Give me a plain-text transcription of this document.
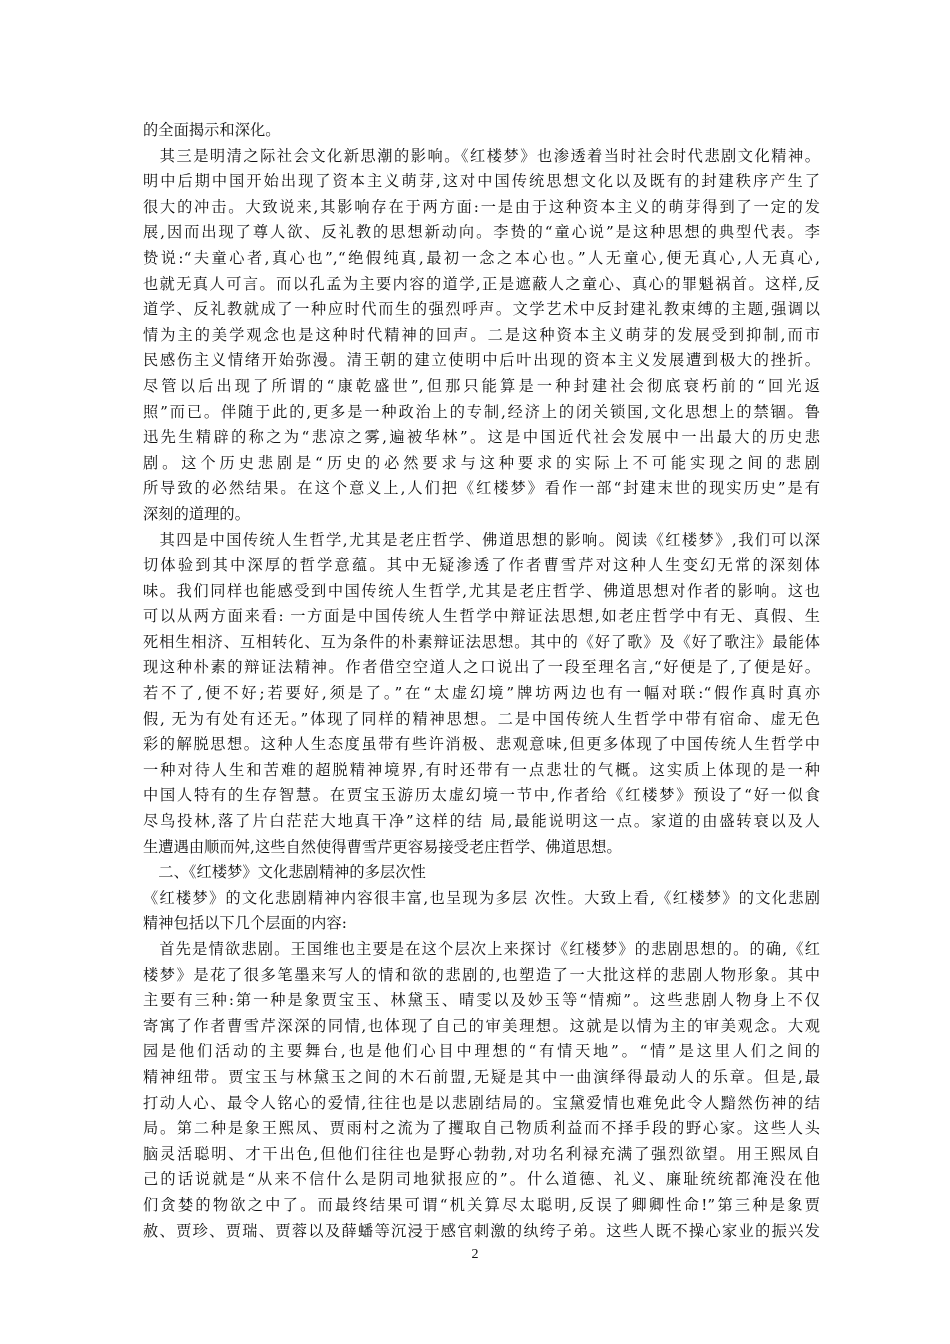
的全面揭示和深化。
　其三是明清之际社会文化新思潮的影响。《红楼梦》也渗透着当时社会时代悲剧文化精神。
明中后期中国开始出现了资本主义萌芽,这对中国传统思想文化以及既有的封建秩序产生了
很大的冲击。大致说来,其影响存在于两方面:一是由于这种资本主义的萌芽得到了一定的发
展,因而出现了尊人欲、反礼教的思想新动向。李贽的“童心说”是这种思想的典型代表。李
贽说:“夫童心者,真心也”,“绝假纯真,最初一念之本心也。”人无童心,便无真心,人无真心,
也就无真人可言。而以孔孟为主要内容的道学,正是遮蔽人之童心、真心的罪魁祸首。这样,反
道学、反礼教就成了一种应时代而生的强烈呼声。文学艺术中反封建礼教束缚的主题,强调以
情为主的美学观念也是这种时代精神的回声。二是这种资本主义萌芽的发展受到抑制,而市
民感伤主义情绪开始弥漫。清王朝的建立使明中后叶出现的资本主义发展遭到极大的挫折。
尽管以后出现了所谓的“康乾盛世”,但那只能算是一种封建社会彻底衰朽前的“回光返
照”而已。伴随于此的,更多是一种政治上的专制,经济上的闭关锁国,文化思想上的禁锢。鲁
迅先生精辟的称之为“悲凉之雾,遍被华林”。这是中国近代社会发展中一出最大的历史悲
剧。这个历史悲剧是“历史的必然要求与这种要求的实际上不可能实现之间的悲剧
所导致的必然结果。在这个意义上,人们把《红楼梦》看作一部“封建末世的现实历史”是有
深刻的道理的。
　其四是中国传统人生哲学,尤其是老庄哲学、佛道思想的影响。阅读《红楼梦》,我们可以深
切体验到其中深厚的哲学意蕴。其中无疑渗透了作者曹雪芹对这种人生变幻无常的深刻体
味。我们同样也能感受到中国传统人生哲学,尤其是老庄哲学、佛道思想对作者的影响。这也
可以从两方面来看: 一方面是中国传统人生哲学中辩证法思想,如老庄哲学中有无、真假、生
死相生相济、互相转化、互为条件的朴素辩证法思想。其中的《好了歌》及《好了歌注》最能体
现这种朴素的辩证法精神。作者借空空道人之口说出了一段至理名言,“好便是了,了便是好。
若不了,便不好;若要好,须是了。”在“太虚幻境”牌坊两边也有一幅对联:“假作真时真亦
假, 无为有处有还无。”体现了同样的精神思想。二是中国传统人生哲学中带有宿命、虚无色
彩的解脱思想。这种人生态度虽带有些许消极、悲观意味,但更多体现了中国传统人生哲学中
一种对待人生和苦难的超脱精神境界,有时还带有一点悲壮的气概。这实质上体现的是一种
中国人特有的生存智慧。在贾宝玉游历太虚幻境一节中,作者给《红楼梦》预设了“好一似食
尽鸟投林,落了片白茫茫大地真干净”这样的结 局,最能说明这一点。家道的由盛转衰以及人
生遭遇由顺而舛,这些自然使得曹雪芹更容易接受老庄哲学、佛道思想。
　二、《红楼梦》文化悲剧精神的多层次性
《红楼梦》的文化悲剧精神内容很丰富,也呈现为多层 次性。大致上看,《红楼梦》的文化悲剧
精神包括以下几个层面的内容:
　首先是情欲悲剧。王国维也主要是在这个层次上来探讨《红楼梦》的悲剧思想的。的确,《红
楼梦》是花了很多笔墨来写人的情和欲的悲剧的,也塑造了一大批这样的悲剧人物形象。其中
主要有三种:第一种是象贾宝玉、林黛玉、晴雯以及妙玉等“情痴”。这些悲剧人物身上不仅
寄寓了作者曹雪芹深深的同情,也体现了自己的审美理想。这就是以情为主的审美观念。大观
园是他们活动的主要舞台,也是他们心目中理想的“有情天地”。“情”是这里人们之间的
精神纽带。贾宝玉与林黛玉之间的木石前盟,无疑是其中一曲演绎得最动人的乐章。但是,最
打动人心、最令人铭心的爱情,往往也是以悲剧结局的。宝黛爱情也难免此令人黯然伤神的结
局。第二种是象王熙凤、贾雨村之流为了攫取自己物质利益而不择手段的野心家。这些人头
脑灵活聪明、才干出色,但他们往往也是野心勃勃,对功名利禄充满了强烈欲望。用王熙凤自
己的话说就是“从来不信什么是阴司地狱报应的”。什么道德、礼义、廉耻统统都淹没在他
们贪婪的物欲之中了。而最终结果可谓“机关算尽太聪明,反误了卿卿性命!”第三种是象贾
赦、贾珍、贾瑞、贾蓉以及薛蟠等沉浸于感官刺激的纨绔子弟。这些人既不操心家业的振兴发
2
